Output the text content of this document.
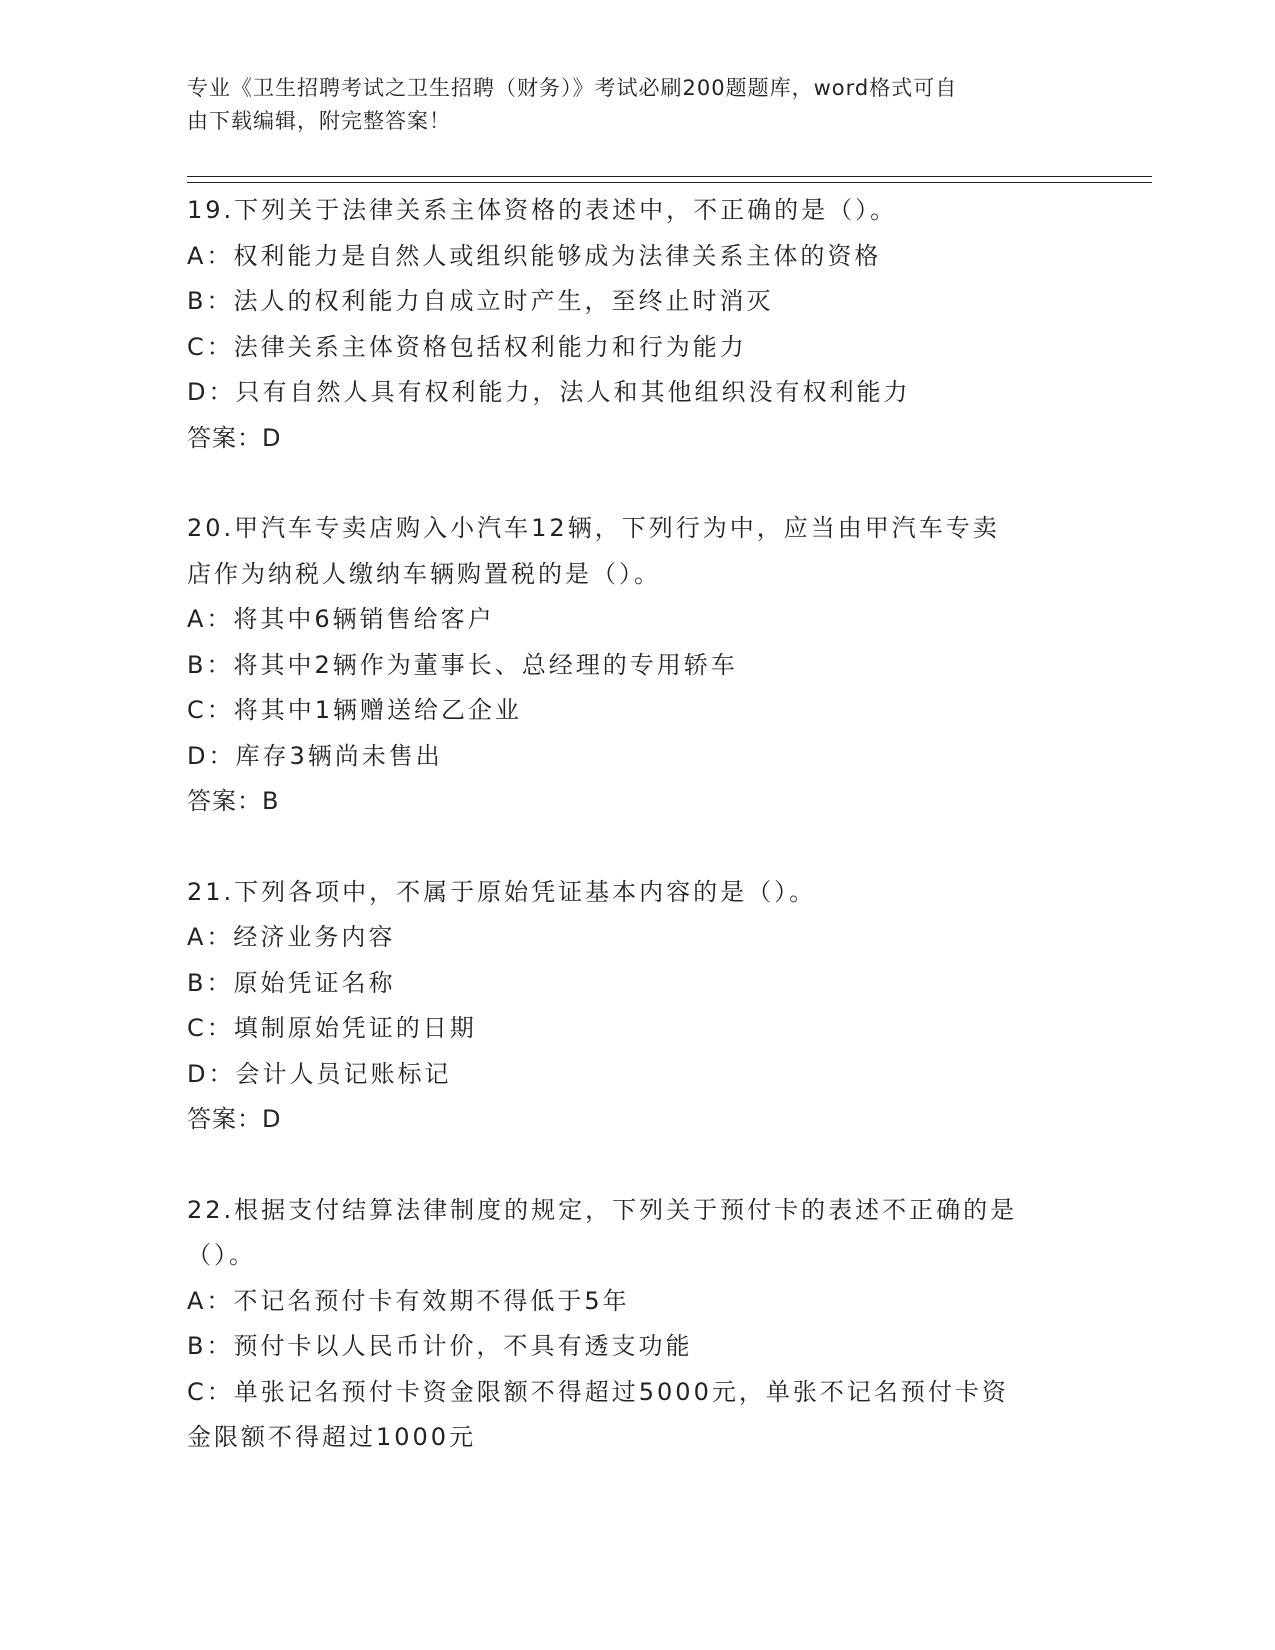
专业《卫生招聘考试之卫生招聘（财务）》考试必刷200题题库，word格式可自

由下载编辑，附完整答案！

19.下列关于法律关系主体资格的表述中，不正确的是（）。

A：权利能力是自然人或组织能够成为法律关系主体的资格

B：法人的权利能力自成立时产生，至终止时消灭

C：法律关系主体资格包括权利能力和行为能力

D：只有自然人具有权利能力，法人和其他组织没有权利能力

答案：D

20.甲汽车专卖店购入小汽车12辆，下列行为中，应当由甲汽车专卖

店作为纳税人缴纳车辆购置税的是（）。

A：将其中6辆销售给客户

B：将其中2辆作为董事长、总经理的专用轿车

C：将其中1辆赠送给乙企业

D：库存3辆尚未售出

答案：B

21.下列各项中，不属于原始凭证基本内容的是（）。

A：经济业务内容

B：原始凭证名称

C：填制原始凭证的日期

D：会计人员记账标记

答案：D

22.根据支付结算法律制度的规定，下列关于预付卡的表述不正确的是

（）。

A：不记名预付卡有效期不得低于5年

B：预付卡以人民币计价，不具有透支功能

C：单张记名预付卡资金限额不得超过5000元，单张不记名预付卡资

金限额不得超过1000元
